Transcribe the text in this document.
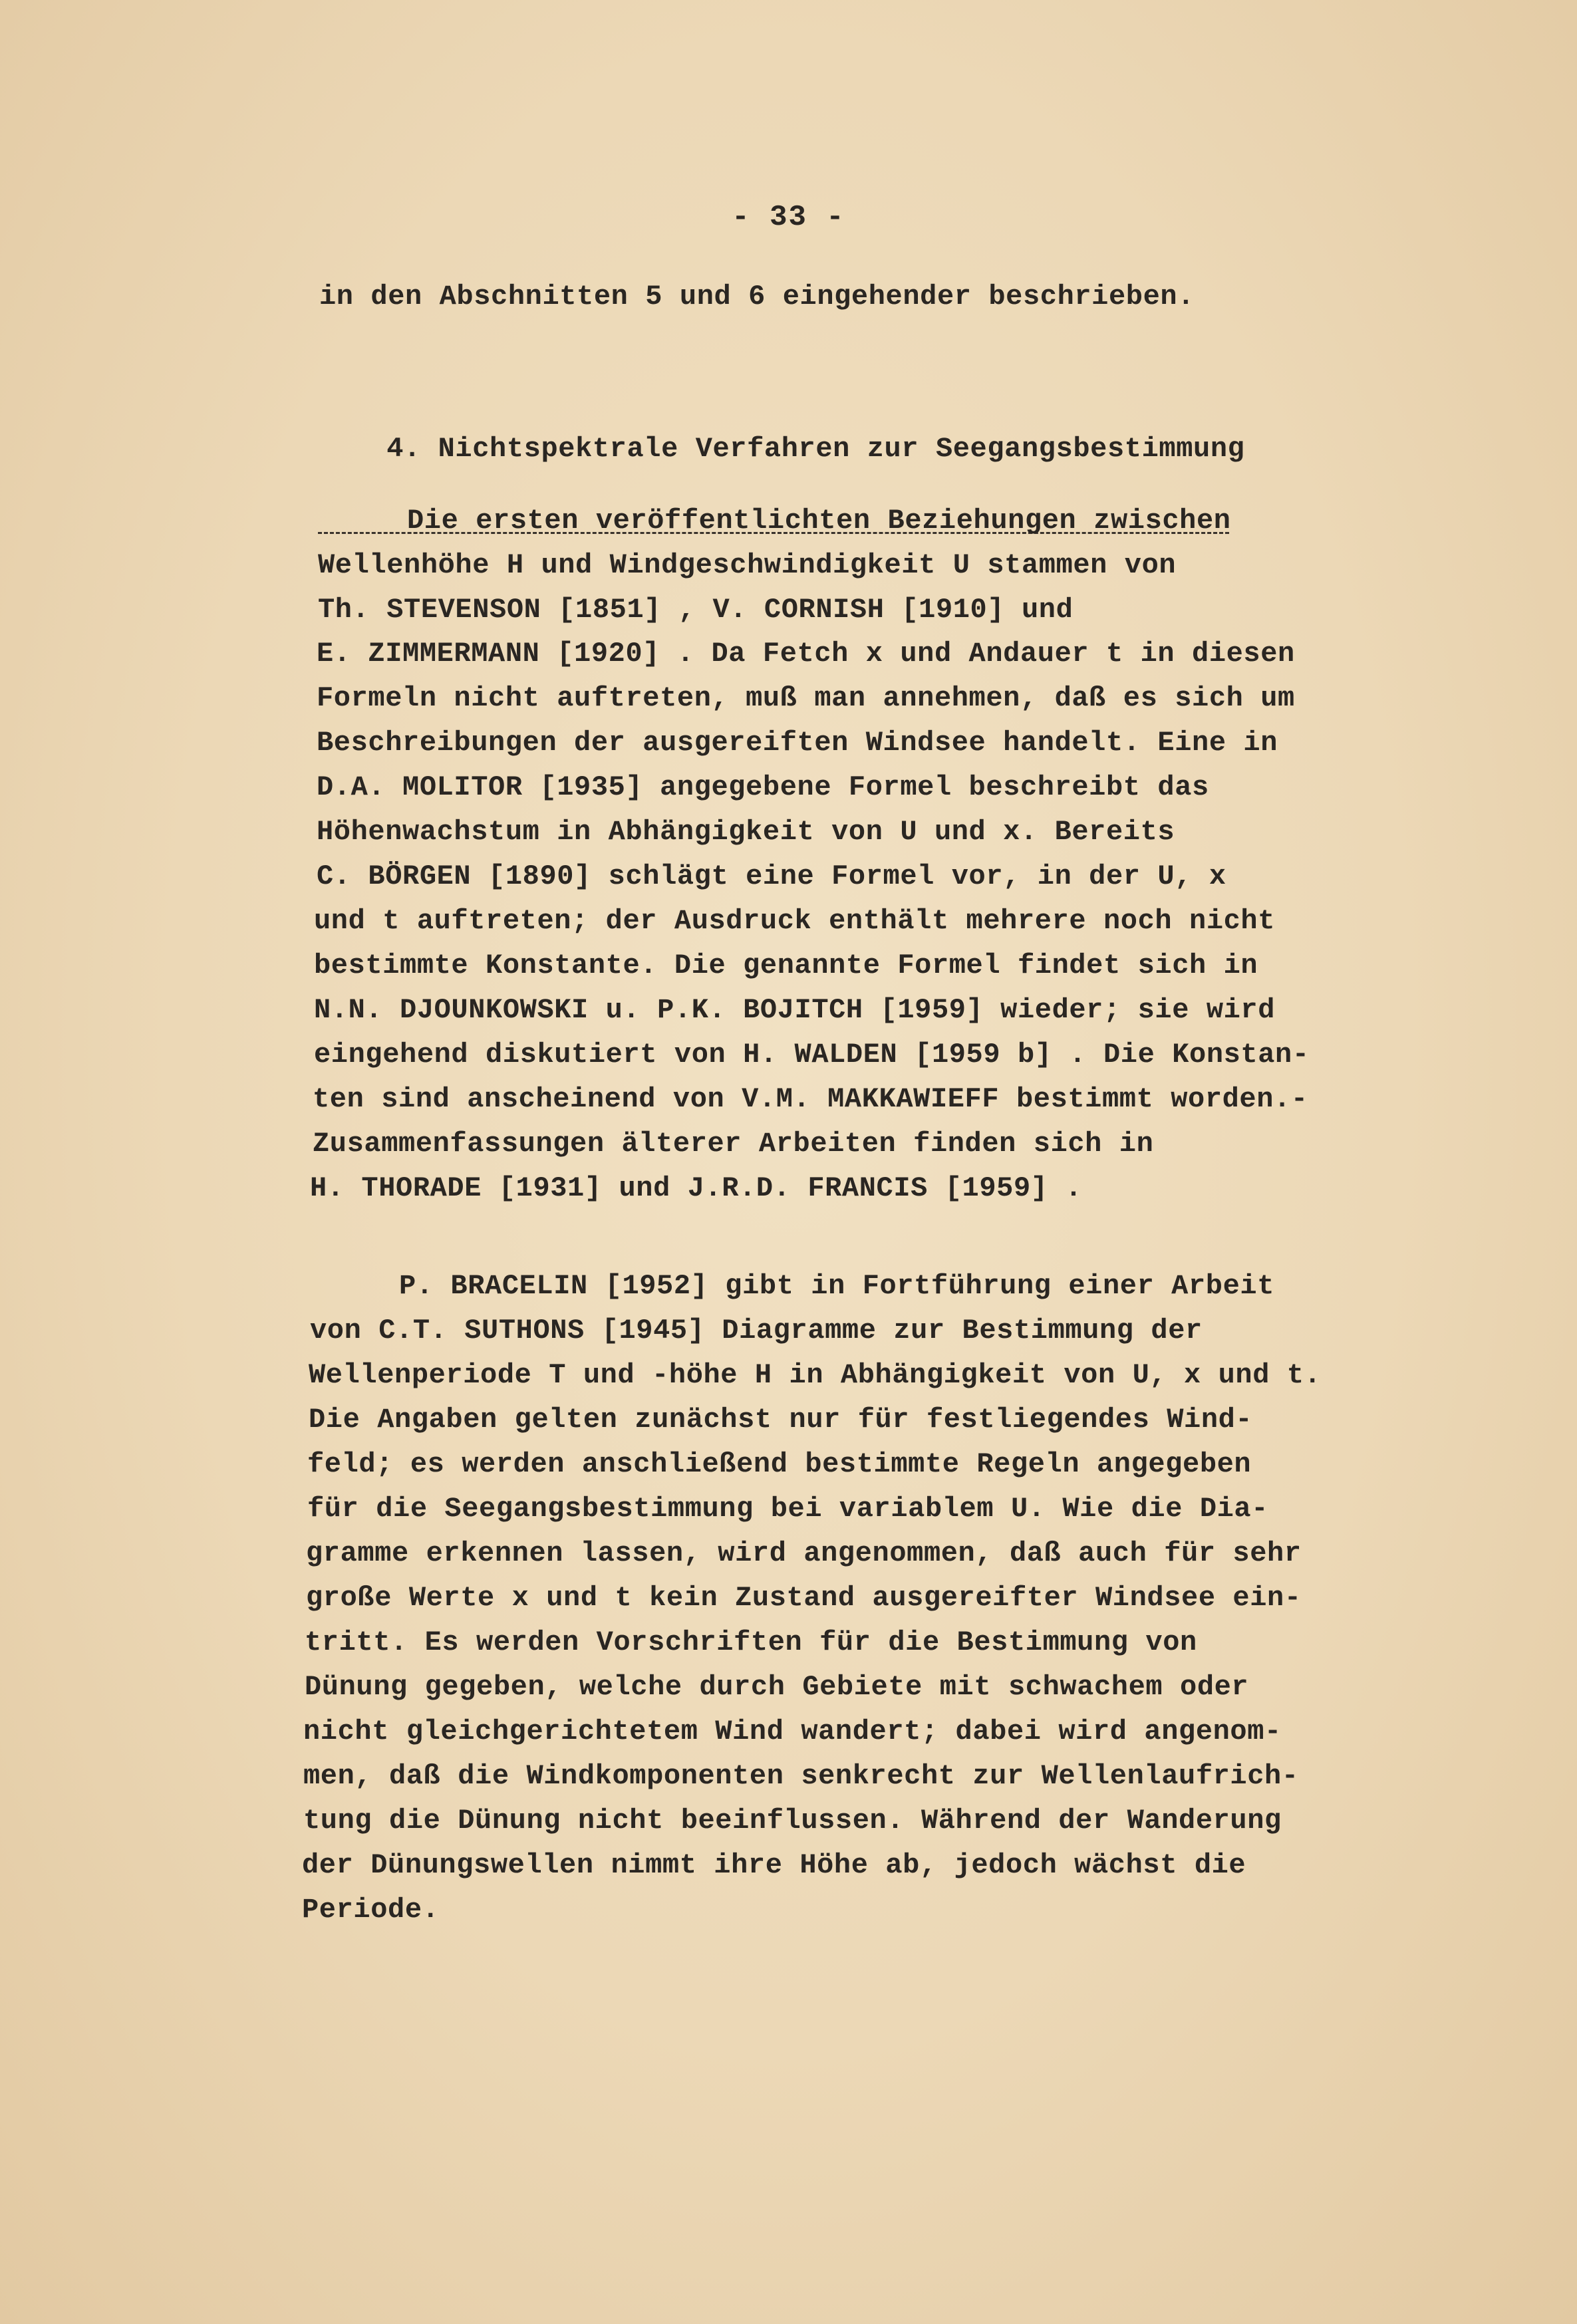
- 33 -
in den Abschnitten 5 und 6 eingehender beschrieben.

4. Nichtspektrale Verfahren zur Seegangsbestimmung

Die ersten veröffentlichten Beziehungen zwischen
Wellenhöhe H und Windgeschwindigkeit U stammen von
Th. STEVENSON [1851] , V. CORNISH [1910] und
E. ZIMMERMANN [1920] . Da Fetch x und Andauer t in diesen
Formeln nicht auftreten, muß man annehmen, daß es sich um
Beschreibungen der ausgereiften Windsee handelt. Eine in
D.A. MOLITOR [1935] angegebene Formel beschreibt das
Höhenwachstum in Abhängigkeit von U und x. Bereits
C. BÖRGEN [1890] schlägt eine Formel vor, in der U, x
und t auftreten; der Ausdruck enthält mehrere noch nicht
bestimmte Konstante. Die genannte Formel findet sich in
N.N. DJOUNKOWSKI u. P.K. BOJITCH [1959] wieder; sie wird
eingehend diskutiert von H. WALDEN [1959 b] . Die Konstan-
ten sind anscheinend von V.M. MAKKAWIEFF bestimmt worden.-
Zusammenfassungen älterer Arbeiten finden sich in
H. THORADE [1931] und J.R.D. FRANCIS [1959] .
P. BRACELIN [1952] gibt in Fortführung einer Arbeit
von C.T. SUTHONS [1945] Diagramme zur Bestimmung der
Wellenperiode T und -höhe H in Abhängigkeit von U, x und t.
Die Angaben gelten zunächst nur für festliegendes Wind-
feld; es werden anschließend bestimmte Regeln angegeben
für die Seegangsbestimmung bei variablem U. Wie die Dia-
gramme erkennen lassen, wird angenommen, daß auch für sehr
große Werte x und t kein Zustand ausgereifter Windsee ein-
tritt. Es werden Vorschriften für die Bestimmung von
Dünung gegeben, welche durch Gebiete mit schwachem oder
nicht gleichgerichtetem Wind wandert; dabei wird angenom-
men, daß die Windkomponenten senkrecht zur Wellenlaufrich-
tung die Dünung nicht beeinflussen. Während der Wanderung
der Dünungswellen nimmt ihre Höhe ab, jedoch wächst die
Periode.
